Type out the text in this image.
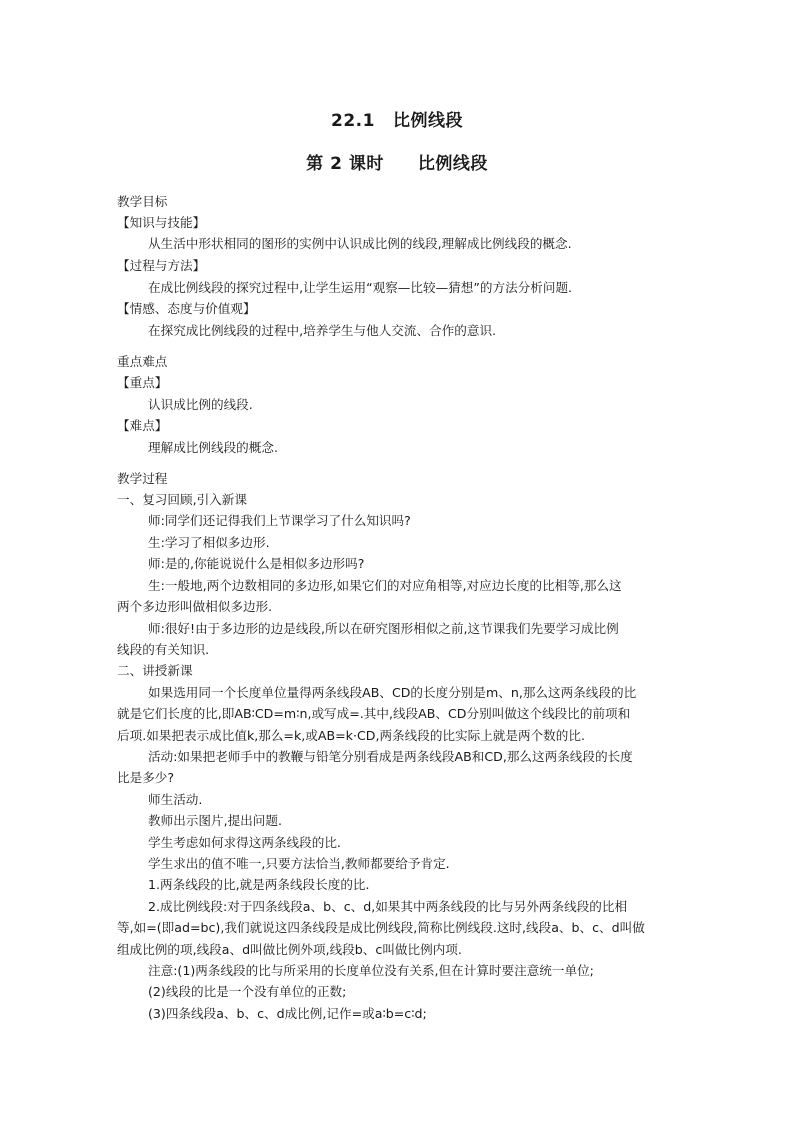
22.1 比例线段
第 2 课时 比例线段
教学目标
【知识与技能】
从生活中形状相同的图形的实例中认识成比例的线段,理解成比例线段的概念.
【过程与方法】
在成比例线段的探究过程中,让学生运用“观察—比较—猜想”的方法分析问题.
【情感、态度与价值观】
在探究成比例线段的过程中,培养学生与他人交流、合作的意识.
重点难点
【重点】
认识成比例的线段.
【难点】
理解成比例线段的概念.
教学过程
一、复习回顾,引入新课
师:同学们还记得我们上节课学习了什么知识吗?
生:学习了相似多边形.
师:是的,你能说说什么是相似多边形吗?
生:一般地,两个边数相同的多边形,如果它们的对应角相等,对应边长度的比相等,那么这
两个多边形叫做相似多边形.
师:很好!由于多边形的边是线段,所以在研究图形相似之前,这节课我们先要学习成比例
线段的有关知识.
二、讲授新课
如果选用同一个长度单位量得两条线段AB、CD的长度分别是m、n,那么这两条线段的比
就是它们长度的比,即AB∶CD=m∶n,或写成=.其中,线段AB、CD分别叫做这个线段比的前项和
后项.如果把表示成比值k,那么=k,或AB=k·CD,两条线段的比实际上就是两个数的比.
活动:如果把老师手中的教鞭与铅笔分别看成是两条线段AB和CD,那么这两条线段的长度
比是多少?
师生活动.
教师出示图片,提出问题.
学生考虑如何求得这两条线段的比.
学生求出的值不唯一,只要方法恰当,教师都要给予肯定.
1.两条线段的比,就是两条线段长度的比.
2.成比例线段:对于四条线段a、b、c、d,如果其中两条线段的比与另外两条线段的比相
等,如=(即ad=bc),我们就说这四条线段是成比例线段,简称比例线段.这时,线段a、b、c、d叫做
组成比例的项,线段a、d叫做比例外项,线段b、c叫做比例内项.
注意:(1)两条线段的比与所采用的长度单位没有关系,但在计算时要注意统一单位;
(2)线段的比是一个没有单位的正数;
(3)四条线段a、b、c、d成比例,记作=或a∶b=c∶d;
